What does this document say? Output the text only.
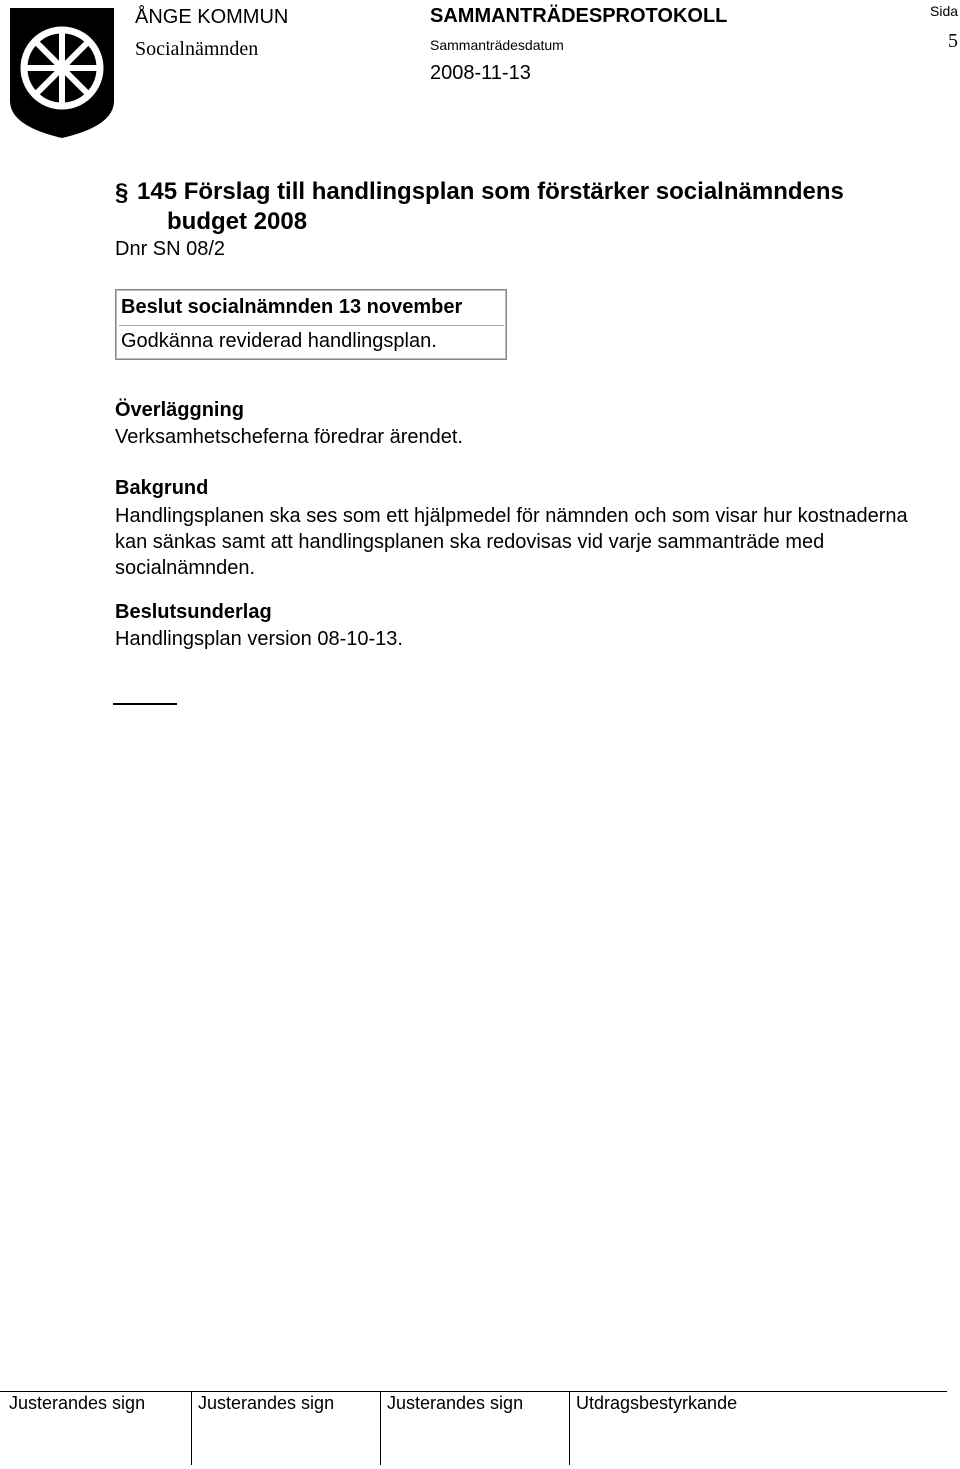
ÅNGE KOMMUN
Socialnämnden
SAMMANTRÄDESPROTOKOLL
Sammanträdesdatum
2008-11-13
Sida
5
§ 145 Förslag till handlingsplan som förstärker socialnämndens
budget 2008
Dnr SN 08/2
Beslut socialnämnden 13 november
Godkänna reviderad handlingsplan.
Överläggning
Verksamhetscheferna föredrar ärendet.
Bakgrund
Handlingsplanen ska ses som ett hjälpmedel för nämnden och som visar hur kostnaderna kan sänkas samt att handlingsplanen ska redovisas vid varje sammanträde med socialnämnden.
Beslutsunderlag
Handlingsplan version 08-10-13.
Justerandes sign	Justerandes sign	Justerandes sign	Utdragsbestyrkande
